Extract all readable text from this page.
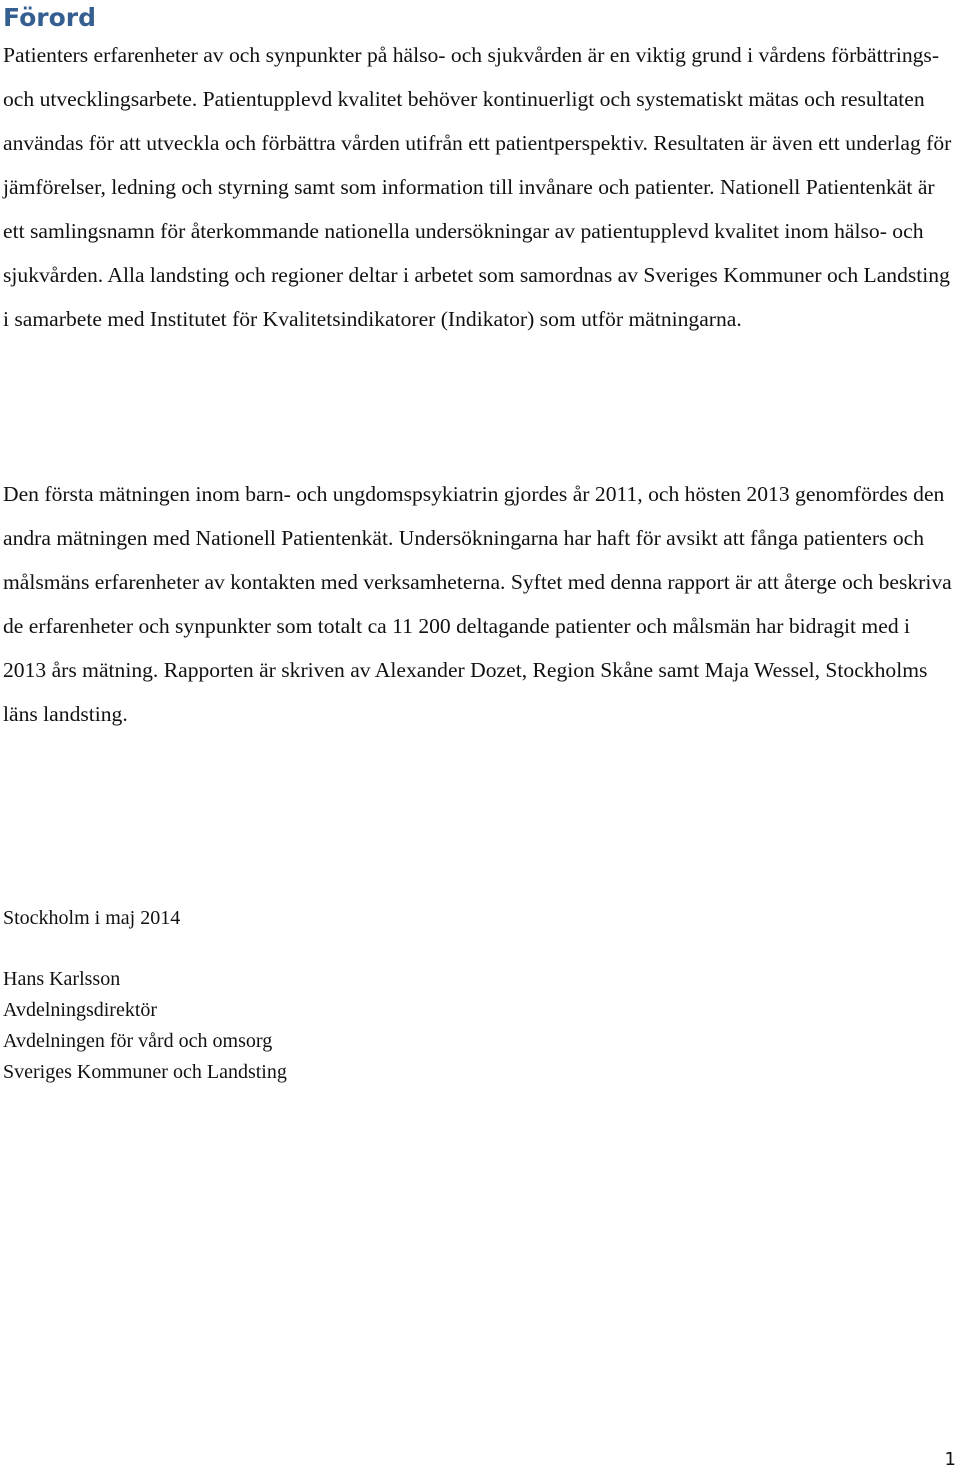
Förord

Patienters erfarenheter av och synpunkter på hälso- och sjukvården är en viktig grund i vårdens förbättrings- och utvecklingsarbete. Patientupplevd kvalitet behöver kontinuerligt och systematiskt mätas och resultaten användas för att utveckla och förbättra vården utifrån ett patientperspektiv. Resultaten är även ett underlag för jämförelser, ledning och styrning samt som information till invånare och patienter. Nationell Patientenkät är ett samlingsnamn för återkommande nationella undersökningar av patientupplevd kvalitet inom hälso- och sjukvården. Alla landsting och regioner deltar i arbetet som samordnas av Sveriges Kommuner och Landsting i samarbete med Institutet för Kvalitetsindikatorer (Indikator) som utför mätningarna.

Den första mätningen inom barn- och ungdomspsykiatrin gjordes år 2011, och hösten 2013 genomfördes den andra mätningen med Nationell Patientenkät. Undersökningarna har haft för avsikt att fånga patienters och målsmäns erfarenheter av kontakten med verksamheterna. Syftet med denna rapport är att återge och beskriva de erfarenheter och synpunkter som totalt ca 11 200 deltagande patienter och målsmän har bidragit med i 2013 års mätning. Rapporten är skriven av Alexander Dozet, Region Skåne samt Maja Wessel, Stockholms läns landsting.

Stockholm i maj 2014

Hans Karlsson
Avdelningsdirektör
Avdelningen för vård och omsorg
Sveriges Kommuner och Landsting

1
